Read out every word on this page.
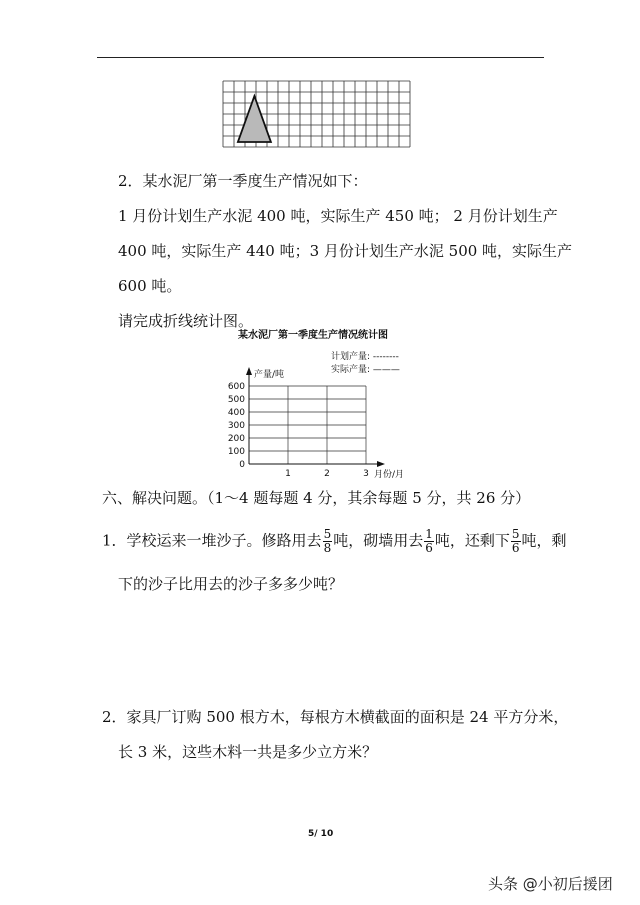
2．某水泥厂第一季度生产情况如下：
1 月份计划生产水泥 400 吨，实际生产 450 吨； 2 月份计划生产
400 吨，实际生产 440 吨；3 月份计划生产水泥 500 吨，实际生产
600 吨。
请完成折线统计图。
某水泥厂第一季度生产情况统计图
计划产量: --------
实际产量: ———
产量/吨
月份/月
0
100
200
300
400
500
600
1	2	3
六、解决问题。（1～4 题每题 4 分，其余每题 5 分，共 26 分）
1．学校运来一堆沙子。修路用去 $\frac{5}{8}$ 吨，砌墙用去 $\frac{1}{6}$ 吨，还剩下 $\frac{5}{6}$ 吨，剩
下的沙子比用去的沙子多多少吨？
2．家具厂订购 500 根方木，每根方木横截面的面积是 24 平方分米，
长 3 米，这些木料一共是多少立方米？
5/ 10
头条 @小初后援团
